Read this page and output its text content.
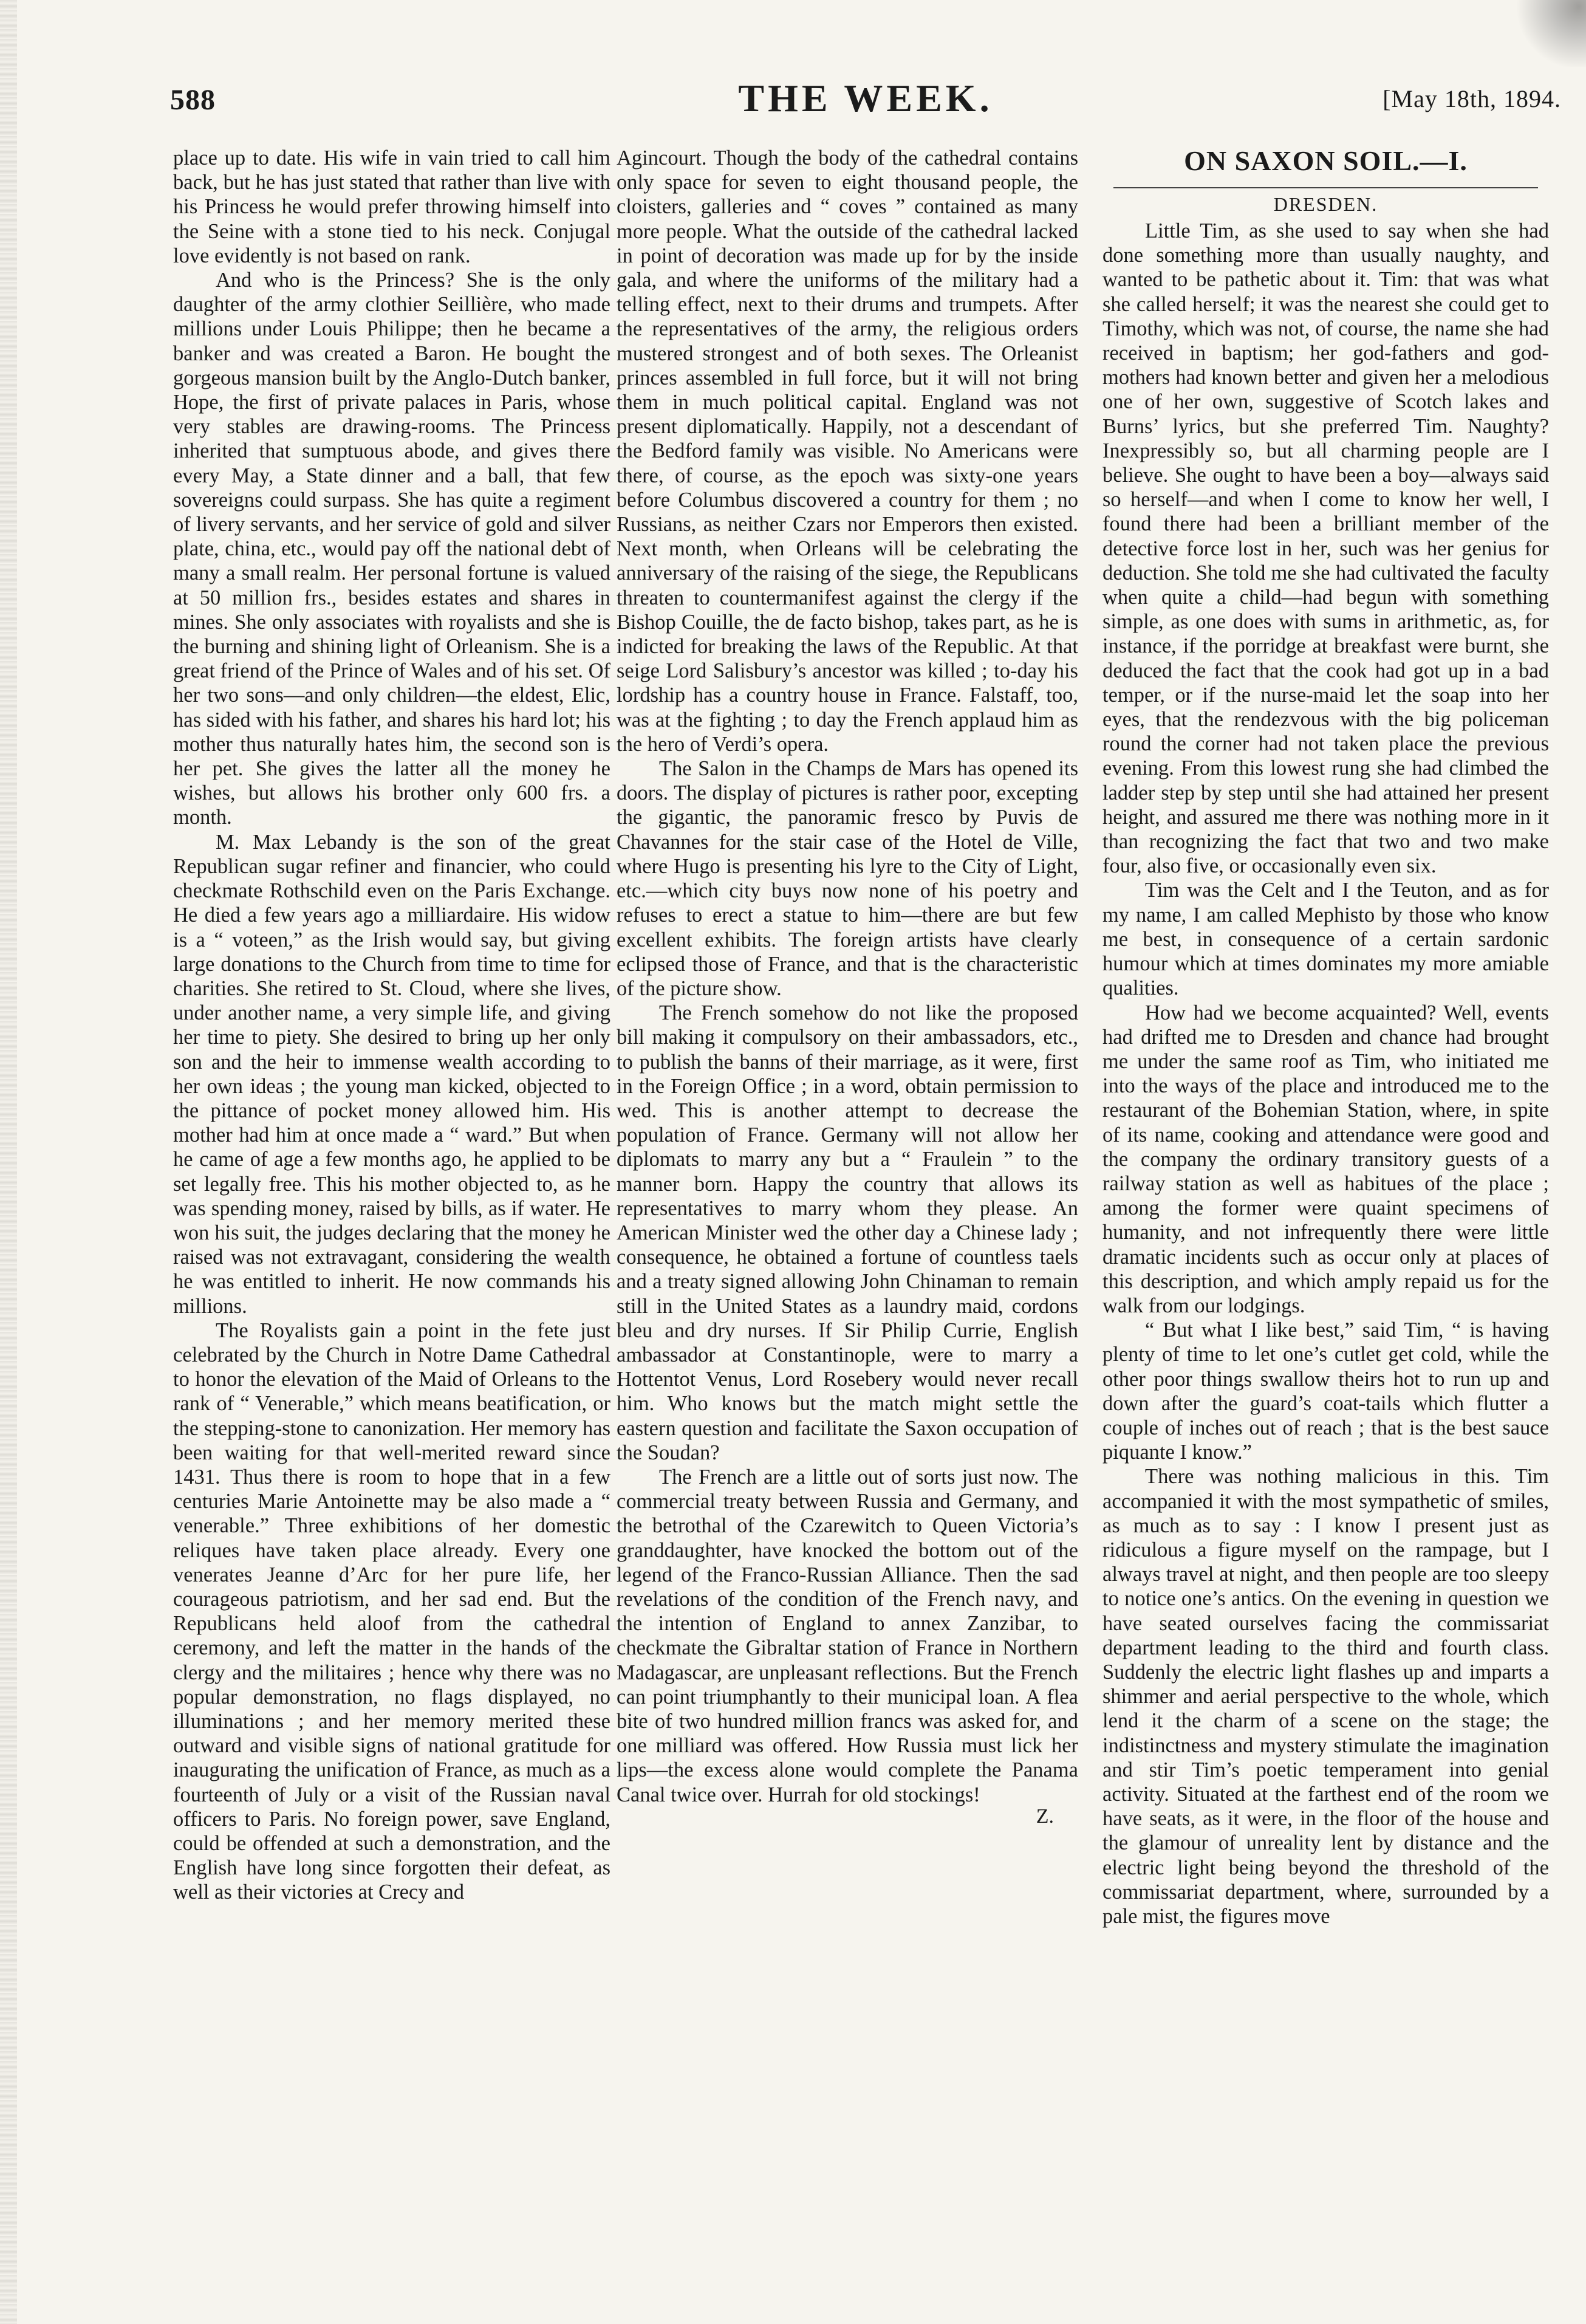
588	THE WEEK.	[May 18th, 1894.

place up to date. His wife in vain tried to call him back, but he has just stated that rather than live with his Princess he would prefer throwing himself into the Seine with a stone tied to his neck. Conjugal love evidently is not based on rank.

And who is the Princess? She is the only daughter of the army clothier Seillière, who made millions under Louis Philippe; then he became a banker and was created a Baron. He bought the gorgeous mansion built by the Anglo-Dutch banker, Hope, the first of private palaces in Paris, whose very stables are drawing-rooms. The Princess inherited that sumptuous abode, and gives there every May, a State dinner and a ball, that few sovereigns could surpass. She has quite a regiment of livery servants, and her service of gold and silver plate, china, etc., would pay off the national debt of many a small realm. Her personal fortune is valued at 50 million frs., besides estates and shares in mines. She only associates with royalists and she is the burning and shining light of Orleanism. She is a great friend of the Prince of Wales and of his set. Of her two sons—and only children—the eldest, Elic, has sided with his father, and shares his hard lot; his mother thus naturally hates him, the second son is her pet. She gives the latter all the money he wishes, but allows his brother only 600 frs. a month.

M. Max Lebandy is the son of the great Republican sugar refiner and financier, who could checkmate Rothschild even on the Paris Exchange. He died a few years ago a milliardaire. His widow is a “ voteen,” as the Irish would say, but giving large donations to the Church from time to time for charities. She retired to St. Cloud, where she lives, under another name, a very simple life, and giving her time to piety. She desired to bring up her only son and the heir to immense wealth according to her own ideas ; the young man kicked, objected to the pittance of pocket money allowed him. His mother had him at once made a “ ward.” But when he came of age a few months ago, he applied to be set legally free. This his mother objected to, as he was spending money, raised by bills, as if water. He won his suit, the judges declaring that the money he raised was not extravagant, considering the wealth he was entitled to inherit. He now commands his millions.

The Royalists gain a point in the fete just celebrated by the Church in Notre Dame Cathedral to honor the elevation of the Maid of Orleans to the rank of “ Venerable,” which means beatification, or the stepping-stone to canonization. Her memory has been waiting for that well-merited reward since 1431. Thus there is room to hope that in a few centuries Marie Antoinette may be also made a “ venerable.” Three exhibitions of her domestic reliques have taken place already. Every one venerates Jeanne d’Arc for her pure life, her courageous patriotism, and her sad end. But the Republicans held aloof from the cathedral ceremony, and left the matter in the hands of the clergy and the militaires ; hence why there was no popular demonstration, no flags displayed, no illuminations ; and her memory merited these outward and visible signs of national gratitude for inaugurating the unification of France, as much as a fourteenth of July or a visit of the Russian naval officers to Paris. No foreign power, save England, could be offended at such a demonstration, and the English have long since forgotten their defeat, as well as their victories at Crecy and

Agincourt. Though the body of the cathedral contains only space for seven to eight thousand people, the cloisters, galleries and “ coves ” contained as many more people. What the outside of the cathedral lacked in point of decoration was made up for by the inside gala, and where the uniforms of the military had a telling effect, next to their drums and trumpets. After the representatives of the army, the religious orders mustered strongest and of both sexes. The Orleanist princes assembled in full force, but it will not bring them in much political capital. England was not present diplomatically. Happily, not a descendant of the Bedford family was visible. No Americans were there, of course, as the epoch was sixty-one years before Columbus discovered a country for them ; no Russians, as neither Czars nor Emperors then existed. Next month, when Orleans will be celebrating the anniversary of the raising of the siege, the Republicans threaten to countermanifest against the clergy if the Bishop Couille, the de facto bishop, takes part, as he is indicted for breaking the laws of the Republic. At that seige Lord Salisbury’s ancestor was killed ; to-day his lordship has a country house in France. Falstaff, too, was at the fighting ; to day the French applaud him as the hero of Verdi’s opera.

The Salon in the Champs de Mars has opened its doors. The display of pictures is rather poor, excepting the gigantic, the panoramic fresco by Puvis de Chavannes for the stair case of the Hotel de Ville, where Hugo is presenting his lyre to the City of Light, etc.—which city buys now none of his poetry and refuses to erect a statue to him—there are but few excellent exhibits. The foreign artists have clearly eclipsed those of France, and that is the characteristic of the picture show.

The French somehow do not like the proposed bill making it compulsory on their ambassadors, etc., to publish the banns of their marriage, as it were, first in the Foreign Office ; in a word, obtain permission to wed. This is another attempt to decrease the population of France. Germany will not allow her diplomats to marry any but a “ Fraulein ” to the manner born. Happy the country that allows its representatives to marry whom they please. An American Minister wed the other day a Chinese lady ; consequence, he obtained a fortune of countless taels and a treaty signed allowing John Chinaman to remain still in the United States as a laundry maid, cordons bleu and dry nurses. If Sir Philip Currie, English ambassador at Constantinople, were to marry a Hottentot Venus, Lord Rosebery would never recall him. Who knows but the match might settle the eastern question and facilitate the Saxon occupation of the Soudan?

The French are a little out of sorts just now. The commercial treaty between Russia and Germany, and the betrothal of the Czarewitch to Queen Victoria’s granddaughter, have knocked the bottom out of the legend of the Franco-Russian Alliance. Then the sad revelations of the condition of the French navy, and the intention of England to annex Zanzibar, to checkmate the Gibraltar station of France in Northern Madagascar, are unpleasant reflections. But the French can point triumphantly to their municipal loan. A flea bite of two hundred million francs was asked for, and one milliard was offered. How Russia must lick her lips—the excess alone would complete the Panama Canal twice over. Hurrah for old stockings!

Z.
ON SAXON SOIL.—I.
DRESDEN.

Little Tim, as she used to say when she had done something more than usually naughty, and wanted to be pathetic about it. Tim: that was what she called herself; it was the nearest she could get to Timothy, which was not, of course, the name she had received in baptism; her god-fathers and god-mothers had known better and given her a melodious one of her own, suggestive of Scotch lakes and Burns’ lyrics, but she preferred Tim. Naughty? Inexpressibly so, but all charming people are I believe. She ought to have been a boy—always said so herself—and when I come to know her well, I found there had been a brilliant member of the detective force lost in her, such was her genius for deduction. She told me she had cultivated the faculty when quite a child—had begun with something simple, as one does with sums in arithmetic, as, for instance, if the porridge at breakfast were burnt, she deduced the fact that the cook had got up in a bad temper, or if the nurse-maid let the soap into her eyes, that the rendezvous with the big policeman round the corner had not taken place the previous evening. From this lowest rung she had climbed the ladder step by step until she had attained her present height, and assured me there was nothing more in it than recognizing the fact that two and two make four, also five, or occasionally even six.

Tim was the Celt and I the Teuton, and as for my name, I am called Mephisto by those who know me best, in consequence of a certain sardonic humour which at times dominates my more amiable qualities.

How had we become acquainted? Well, events had drifted me to Dresden and chance had brought me under the same roof as Tim, who initiated me into the ways of the place and introduced me to the restaurant of the Bohemian Station, where, in spite of its name, cooking and attendance were good and the company the ordinary transitory guests of a railway station as well as habitues of the place ; among the former were quaint specimens of humanity, and not infrequently there were little dramatic incidents such as occur only at places of this description, and which amply repaid us for the walk from our lodgings.

“ But what I like best,” said Tim, “ is having plenty of time to let one’s cutlet get cold, while the other poor things swallow theirs hot to run up and down after the guard’s coat-tails which flutter a couple of inches out of reach ; that is the best sauce piquante I know.”

There was nothing malicious in this. Tim accompanied it with the most sympathetic of smiles, as much as to say : I know I present just as ridiculous a figure myself on the rampage, but I always travel at night, and then people are too sleepy to notice one’s antics. On the evening in question we have seated ourselves facing the commissariat department leading to the third and fourth class. Suddenly the electric light flashes up and imparts a shimmer and aerial perspective to the whole, which lend it the charm of a scene on the stage; the indistinctness and mystery stimulate the imagination and stir Tim’s poetic temperament into genial activity. Situated at the farthest end of the room we have seats, as it were, in the floor of the house and the glamour of unreality lent by distance and the electric light being beyond the threshold of the commissariat department, where, surrounded by a pale mist, the figures move
